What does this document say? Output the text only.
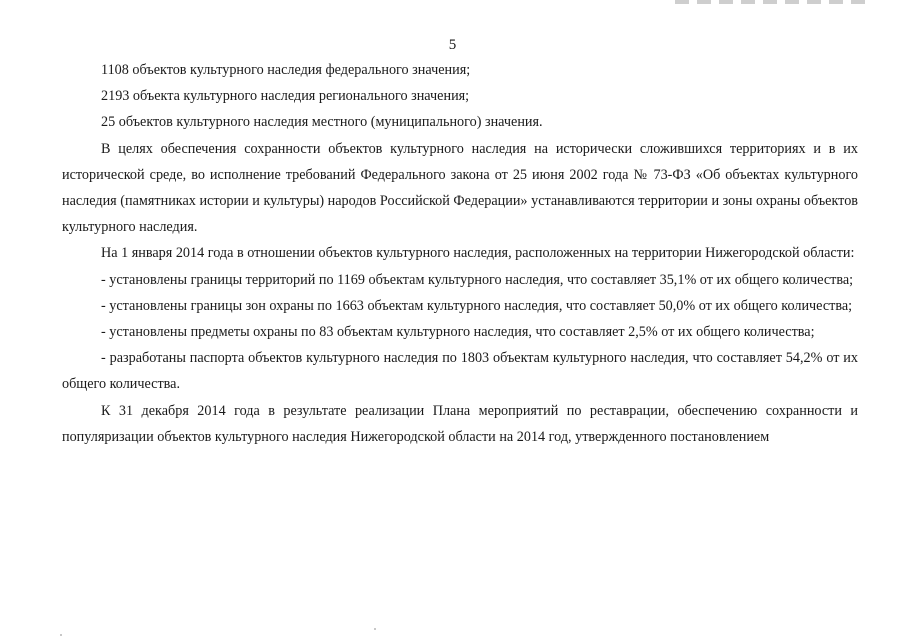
5

1108 объектов культурного наследия федерального значения;

2193 объекта культурного наследия регионального значения;

25 объектов культурного наследия местного (муниципального) значения.

В целях обеспечения сохранности объектов культурного наследия на исторически сложившихся территориях и в их исторической среде, во исполнение требований Федерального закона от 25 июня 2002 года № 73-ФЗ «Об объектах культурного наследия (памятниках истории и культуры) народов Российской Федерации» устанавливаются территории и зоны охраны объектов культурного наследия.

На 1 января 2014 года в отношении объектов культурного наследия, расположенных на территории Нижегородской области:

- установлены границы территорий по 1169 объектам культурного наследия, что составляет 35,1% от их общего количества;

- установлены границы зон охраны по 1663 объектам культурного наследия, что составляет 50,0% от их общего количества;

- установлены предметы охраны по 83 объектам культурного наследия, что составляет 2,5% от их общего количества;

- разработаны паспорта объектов культурного наследия по 1803 объектам культурного наследия, что составляет 54,2% от их общего количества.

К 31 декабря 2014 года в результате реализации Плана мероприятий по реставрации, обеспечению сохранности и популяризации объектов культурного наследия Нижегородской области на 2014 год, утвержденного постановлением
